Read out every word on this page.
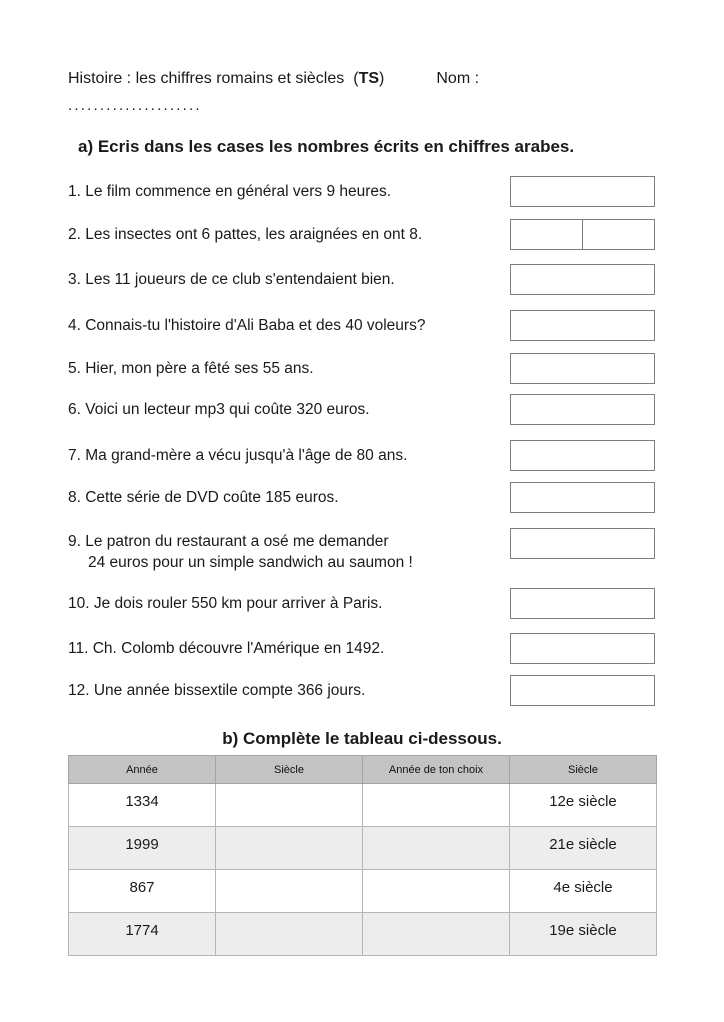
Histoire : les chiffres romains et siècles (TS)	Nom :
.....................
a) Ecris dans les cases les nombres écrits en chiffres arabes.
1. Le film commence en général vers 9 heures.
2. Les insectes ont 6 pattes, les araignées en ont 8.
3. Les 11 joueurs de ce club s'entendaient bien.
4. Connais-tu l'histoire d'Ali Baba et des 40 voleurs?
5. Hier, mon père a fêté ses 55 ans.
6. Voici un lecteur mp3 qui coûte 320 euros.
7. Ma grand-mère a vécu jusqu'à l'âge de 80 ans.
8. Cette série de DVD coûte 185 euros.
9. Le patron du restaurant a osé me demander
24 euros pour un simple sandwich au saumon !
10. Je dois rouler 550 km pour arriver à Paris.
11. Ch. Colomb découvre l'Amérique en 1492.
12. Une année bissextile compte 366 jours.
b) Complète le tableau ci-dessous.
Année	Siècle	Année de ton choix	Siècle
1334			12e siècle
1999			21e siècle
867			4e siècle
1774			19e siècle
